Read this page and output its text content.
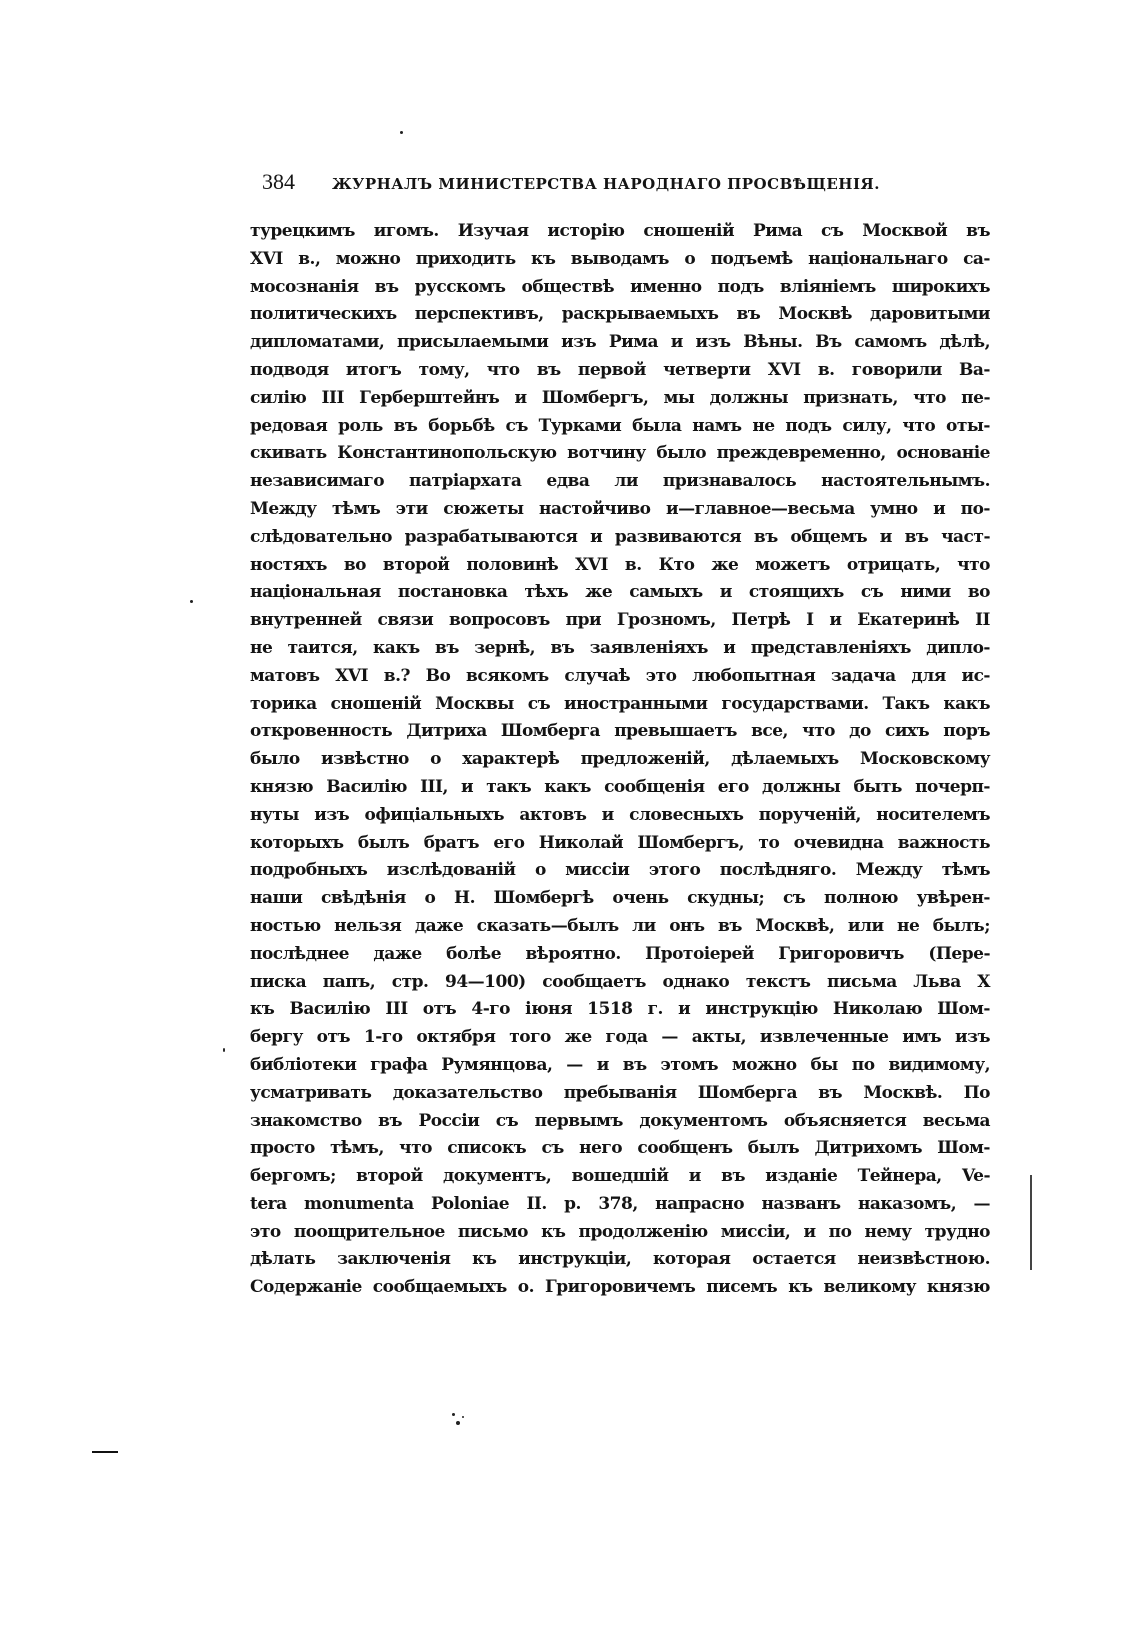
384 ЖУРНАЛЪ МИНИСТЕРСТВА НАРОДНАГО ПРОСВѢЩЕНІЯ.
турецкимъ игомъ. Изучая исторію сношеній Рима съ Москвой въ
XVI в., можно приходить къ выводамъ о подъемѣ національнаго са-
мосознанія въ русскомъ обществѣ именно подъ вліяніемъ широкихъ
политическихъ перспективъ, раскрываемыхъ въ Москвѣ даровитыми
дипломатами, присылаемыми изъ Рима и изъ Вѣны. Въ самомъ дѣлѣ,
подводя итогъ тому, что въ первой четверти XVI в. говорили Ва-
силію III Герберштейнъ и Шомбергъ, мы должны признать, что пе-
редовая роль въ борьбѣ съ Турками была намъ не подъ силу, что оты-
скивать Константинопольскую вотчину было преждевременно, основаніе
независимаго патріархата едва ли признавалось настоятельнымъ.
Между тѣмъ эти сюжеты настойчиво и—главное—весьма умно и по-
слѣдовательно разрабатываются и развиваются въ общемъ и въ част-
ностяхъ во второй половинѣ XVI в. Кто же можетъ отрицать, что
національная постановка тѣхъ же самыхъ и стоящихъ съ ними во
внутренней связи вопросовъ при Грозномъ, Петрѣ I и Екатеринѣ II
не таится, какъ въ зернѣ, въ заявленіяхъ и представленіяхъ дипло-
матовъ XVI в.? Во всякомъ случаѣ это любопытная задача для ис-
торика сношеній Москвы съ иностранными государствами. Такъ какъ
откровенность Дитриха Шомберга превышаетъ все, что до сихъ поръ
было извѣстно о характерѣ предложеній, дѣлаемыхъ Московскому
князю Василію III, и такъ какъ сообщенія его должны быть почерп-
нуты изъ офиціальныхъ актовъ и словесныхъ порученій, носителемъ
которыхъ былъ братъ его Николай Шомбергъ, то очевидна важность
подробныхъ изслѣдованій о миссіи этого послѣдняго. Между тѣмъ
наши свѣдѣнія о Н. Шомбергѣ очень скудны; съ полною увѣрен-
ностью нельзя даже сказать—былъ ли онъ въ Москвѣ, или не былъ;
послѣднее даже болѣе вѣроятно. Протоіерей Григоровичъ (Пере-
писка папъ, стр. 94—100) сообщаетъ однако текстъ письма Льва X
къ Василію III отъ 4-го іюня 1518 г. и инструкцію Николаю Шом-
бергу отъ 1-го октября того же года — акты, извлеченные имъ изъ
библіотеки графа Румянцова, — и въ этомъ можно бы по видимому,
усматривать доказательство пребыванія Шомберга въ Москвѣ. По
знакомство въ Россіи съ первымъ документомъ объясняется весьма
просто тѣмъ, что списокъ съ него сообщенъ былъ Дитрихомъ Шом-
бергомъ; второй документъ, вошедшій и въ изданіе Тейнера, Ve-
tera monumenta Poloniae II. p. 378, напрасно названъ наказомъ, —
это поощрительное письмо къ продолженію миссіи, и по нему трудно
дѣлать заключенія къ инструкціи, которая остается неизвѣстною.
Содержаніе сообщаемыхъ о. Григоровичемъ писемъ къ великому князю
